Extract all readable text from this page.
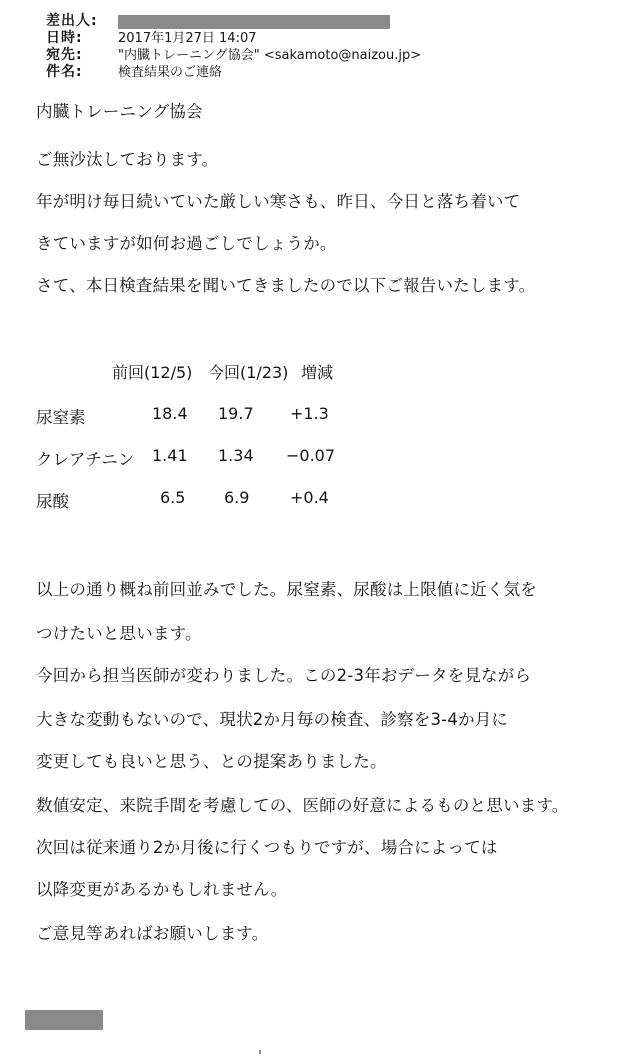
差出人:
日時:	2017年1月27日 14:07
宛先:	"内臓トレーニング協会" <sakamoto@naizou.jp>
件名:	検査結果のご連絡
内臓トレーニング協会
ご無沙汰しております。
年が明け毎日続いていた厳しい寒さも、昨日、今日と落ち着いて
きていますが如何お過ごしでしょうか。
さて、本日検査結果を聞いてきましたので以下ご報告いたします。
前回(12/5) 今回(1/23) 増減
尿窒素	18.4 19.7 +1.3
クレアチニン 1.41 1.34 −0.07
尿酸	6.5 6.9	+0.4
以上の通り概ね前回並みでした。尿窒素、尿酸は上限値に近く気を
つけたいと思います。
今回から担当医師が変わりました。この2-3年おデータを見ながら
大きな変動もないので、現状2か月毎の検査、診察を3-4か月に
変更しても良いと思う、との提案ありました。
数値安定、来院手間を考慮しての、医師の好意によるものと思います。
次回は従来通り2か月後に行くつもりですが、場合によっては
以降変更があるかもしれません。
ご意見等あればお願いします。
